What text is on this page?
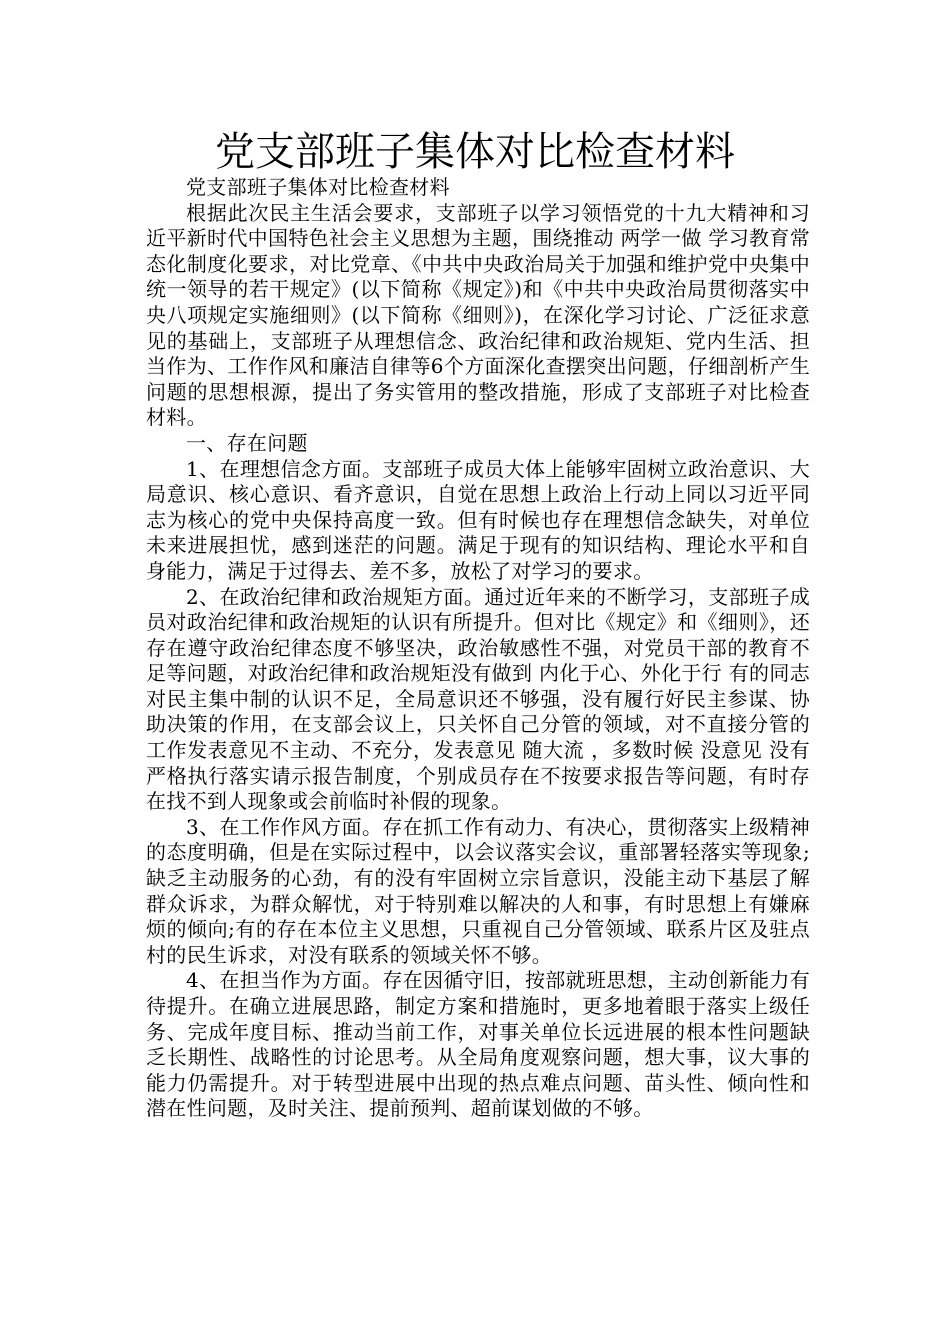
党支部班子集体对比检查材料

党支部班子集体对比检查材料

根据此次民主生活会要求，支部班子以学习领悟党的十九大精神和习近平新时代中国特色社会主义思想为主题，围绕推动 两学一做 学习教育常态化制度化要求，对比党章、《中共中央政治局关于加强和维护党中央集中统一领导的若干规定》(以下简称《规定》)和《中共中央政治局贯彻落实中央八项规定实施细则》(以下简称《细则》)，在深化学习讨论、广泛征求意见的基础上，支部班子从理想信念、政治纪律和政治规矩、党内生活、担当作为、工作作风和廉洁自律等6个方面深化查摆突出问题，仔细剖析产生问题的思想根源，提出了务实管用的整改措施，形成了支部班子对比检查材料。

一、存在问题

1、在理想信念方面。支部班子成员大体上能够牢固树立政治意识、大局意识、核心意识、看齐意识，自觉在思想上政治上行动上同以习近平同志为核心的党中央保持高度一致。但有时候也存在理想信念缺失，对单位未来进展担忧，感到迷茫的问题。满足于现有的知识结构、理论水平和自身能力，满足于过得去、差不多，放松了对学习的要求。

2、在政治纪律和政治规矩方面。通过近年来的不断学习，支部班子成员对政治纪律和政治规矩的认识有所提升。但对比《规定》和《细则》，还存在遵守政治纪律态度不够坚决，政治敏感性不强，对党员干部的教育不足等问题，对政治纪律和政治规矩没有做到 内化于心、外化于行 有的同志对民主集中制的认识不足，全局意识还不够强，没有履行好民主参谋、协助决策的作用，在支部会议上，只关怀自己分管的领域，对不直接分管的工作发表意见不主动、不充分，发表意见 随大流 ，多数时候 没意见 没有严格执行落实请示报告制度，个别成员存在不按要求报告等问题，有时存在找不到人现象或会前临时补假的现象。

3、在工作作风方面。存在抓工作有动力、有决心，贯彻落实上级精神的态度明确，但是在实际过程中，以会议落实会议，重部署轻落实等现象;缺乏主动服务的心劲，有的没有牢固树立宗旨意识，没能主动下基层了解群众诉求，为群众解忧，对于特别难以解决的人和事，有时思想上有嫌麻烦的倾向;有的存在本位主义思想，只重视自己分管领域、联系片区及驻点村的民生诉求，对没有联系的领域关怀不够。

4、在担当作为方面。存在因循守旧，按部就班思想，主动创新能力有待提升。在确立进展思路，制定方案和措施时，更多地着眼于落实上级任务、完成年度目标、推动当前工作，对事关单位长远进展的根本性问题缺乏长期性、战略性的讨论思考。从全局角度观察问题，想大事，议大事的能力仍需提升。对于转型进展中出现的热点难点问题、苗头性、倾向性和潜在性问题，及时关注、提前预判、超前谋划做的不够。
